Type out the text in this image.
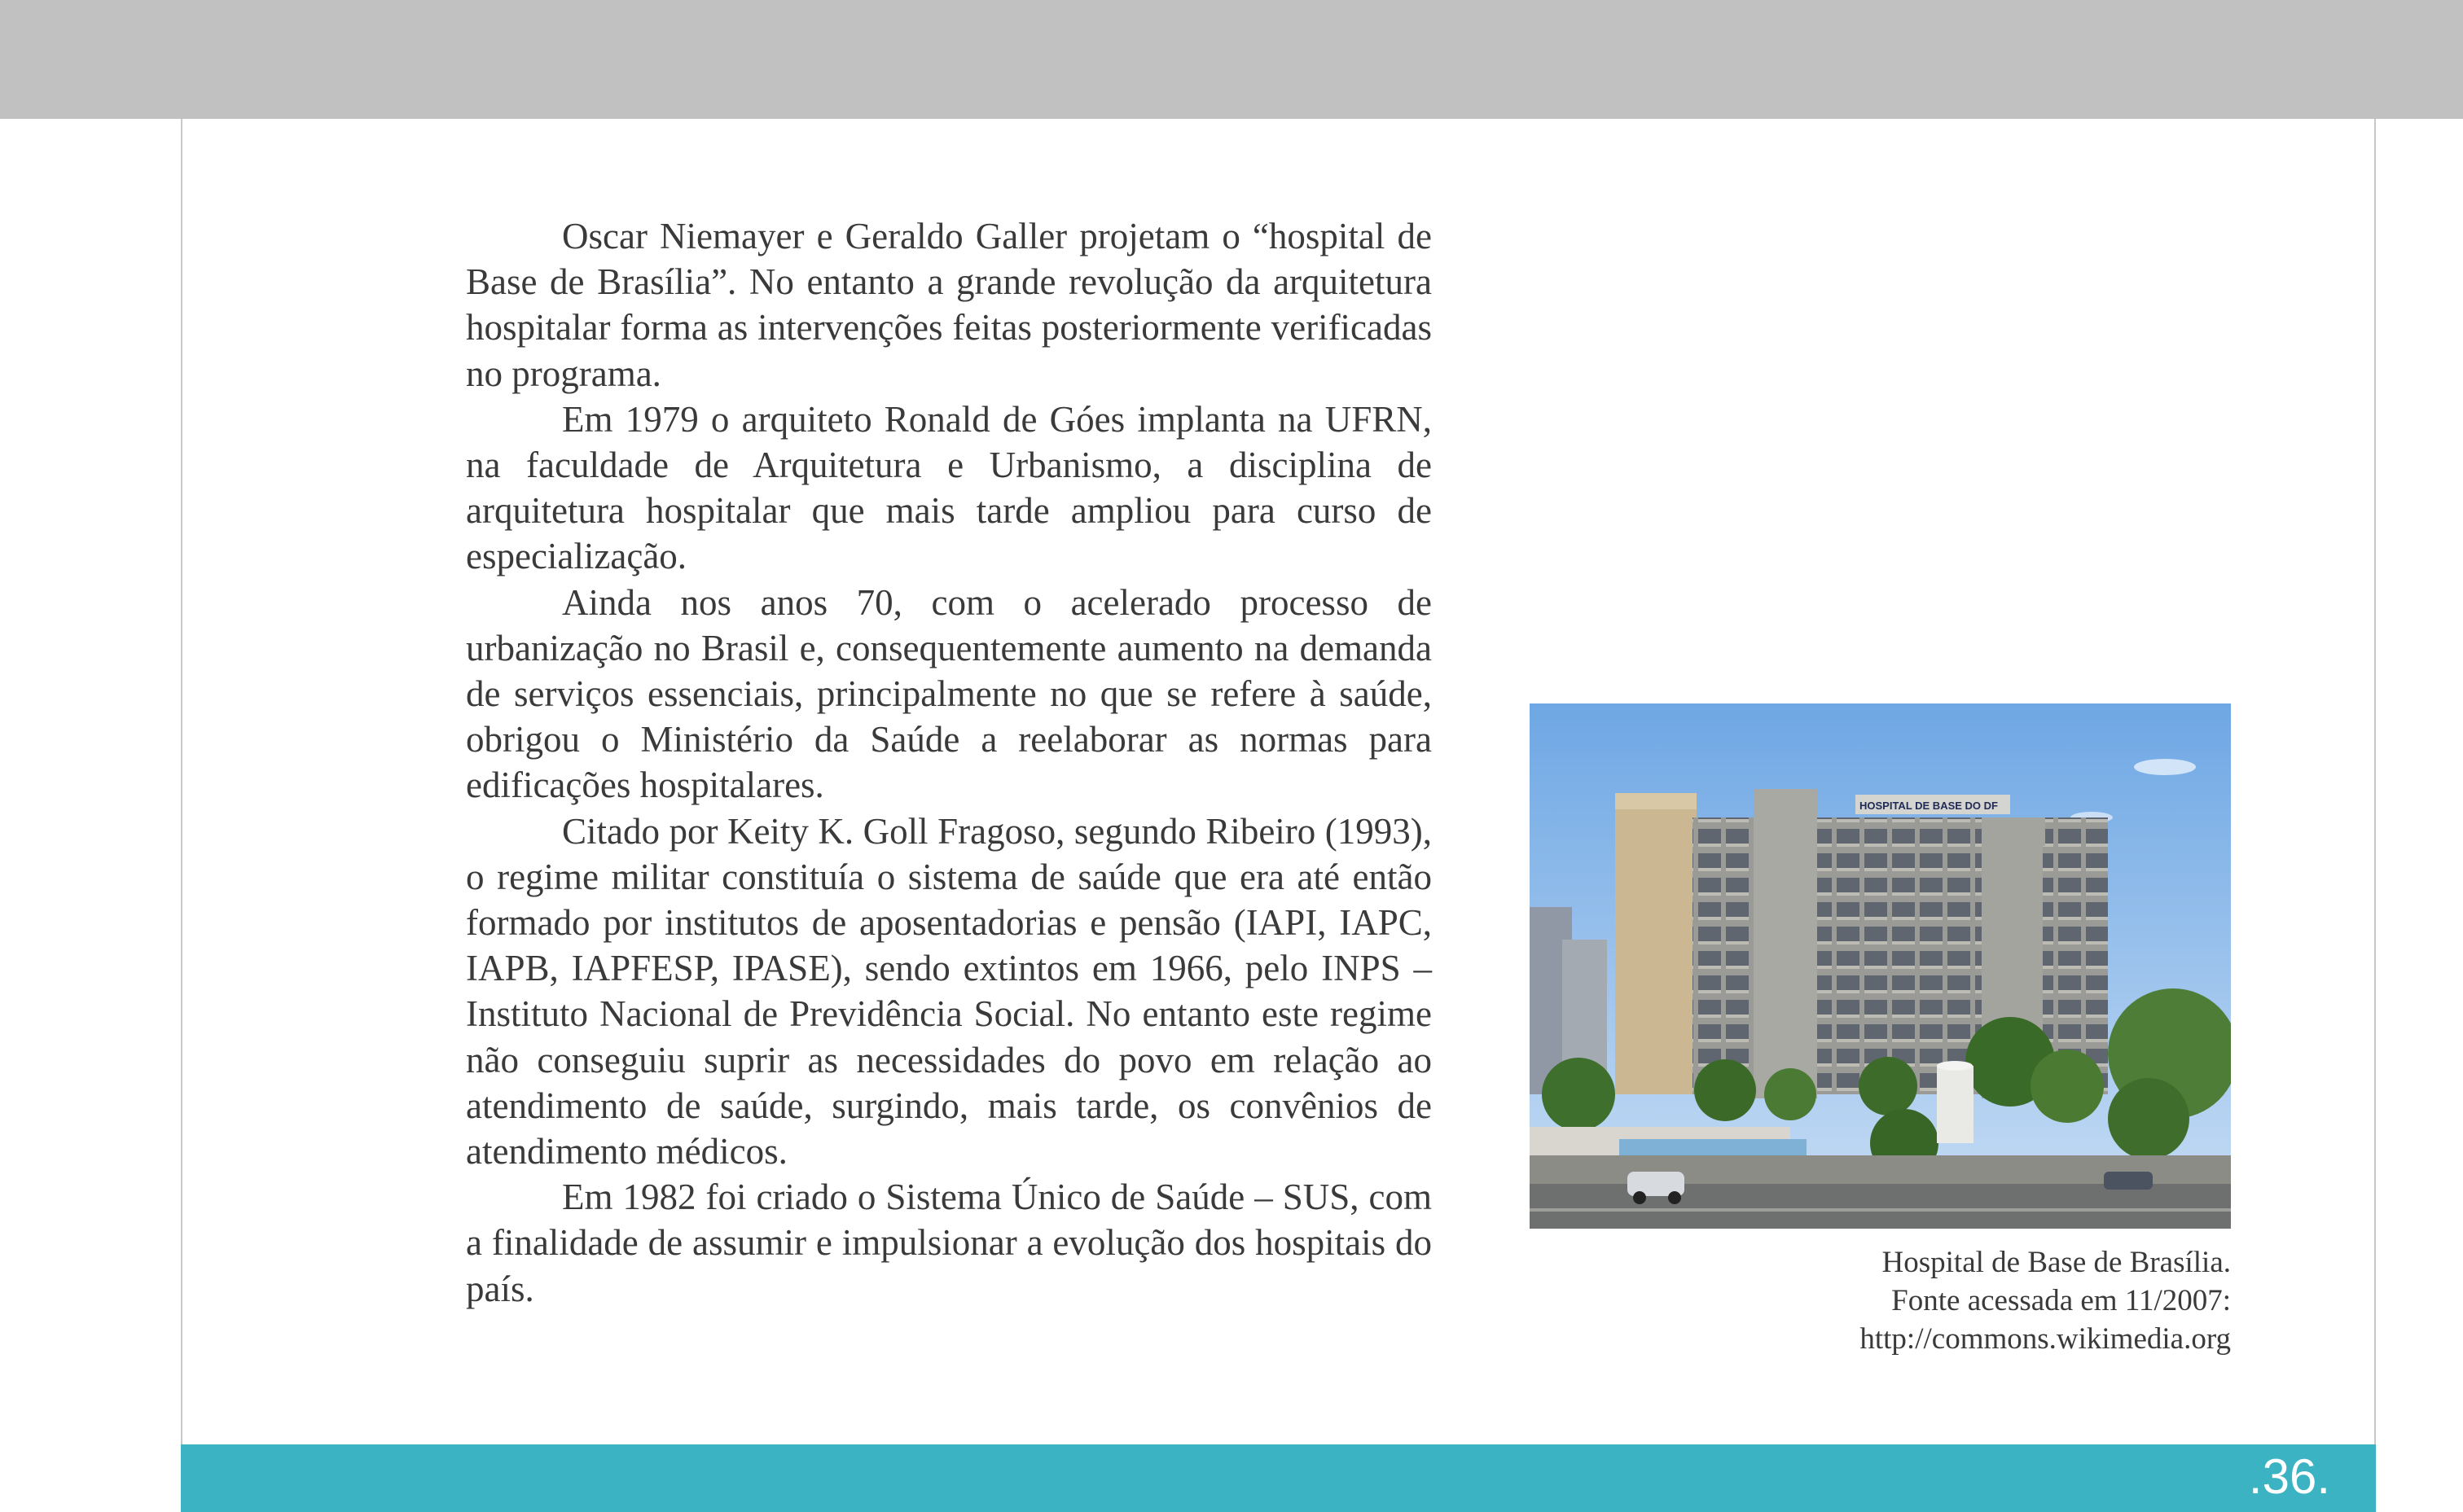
Oscar Niemayer e Geraldo Galler projetam o “hospital de Base de Brasília”. No entanto a grande revolução da arquitetura hospitalar forma as intervenções feitas posteriormente verificadas no programa.

Em 1979 o arquiteto Ronald de Góes implanta na UFRN, na faculdade de Arquitetura e Urbanismo, a disciplina de arquitetura hospitalar que mais tarde ampliou para curso de especialização.

Ainda nos anos 70, com o acelerado processo de urbanização no Brasil e, consequentemente aumento na demanda de serviços essenciais, principalmente no que se refere à saúde, obrigou o Ministério da Saúde a reelaborar as normas para edificações hospitalares.

Citado por Keity K. Goll Fragoso, segundo Ribeiro (1993), o regime militar constituía o sistema de saúde que era até então formado por institutos de aposentadorias e pensão (IAPI, IAPC, IAPB, IAPFESP, IPASE), sendo extintos em 1966, pelo INPS – Instituto Nacional de Previdência Social. No entanto este regime não conseguiu suprir as necessidades do povo em relação ao atendimento de saúde, surgindo, mais tarde, os convênios de atendimento médicos.

Em 1982 foi criado o Sistema Único de Saúde – SUS, com a finalidade de assumir e impulsionar a evolução dos hospitais do país.

HOSPITAL DE BASE DO DF
Hospital de Base de Brasília.
Fonte acessada em 11/2007:
http://commons.wikimedia.org
.36.
